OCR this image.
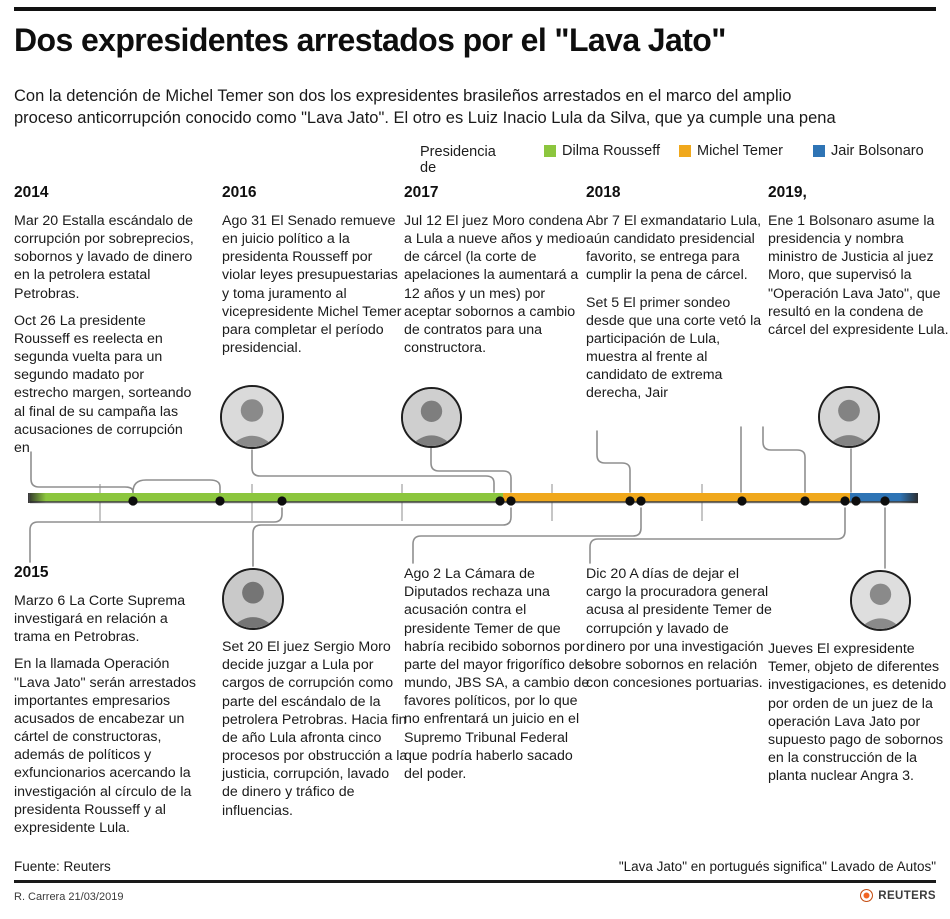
Dos expresidentes arrestados por el "Lava Jato"
Con la detención de Michel Temer son dos los expresidentes brasileños arrestados en el marco del amplio
proceso anticorrupción conocido como "Lava Jato". El otro es Luiz Inacio Lula da Silva, que ya cumple una pena
Presidencia de
Dilma Rousseff	Michel Temer	Jair Bolsonaro
2014

Mar 20 Estalla escándalo de corrupción por sobreprecios, sobornos y lavado de dinero en la petrolera estatal Petrobras.

Oct 26 La presidente Rousseff es reelecta en segunda vuelta para un segundo madato por estrecho margen, sorteando al final de su campaña las acusaciones de corrupción en

2016

Ago 31 El Senado remueve en juicio político a la presidenta Rousseff por violar leyes presupuestarias y toma juramento al vicepresidente Michel Temer para completar el período presidencial.

2017

Jul 12 El juez Moro condena a Lula a nueve años y medio de cárcel (la corte de apelaciones la aumentará a 12 años y un mes) por aceptar sobornos a cambio de contratos para una constructora.

2018

Abr 7 El exmandatario Lula, aún candidato presidencial favorito, se entrega para cumplir la pena de cárcel.

Set 5 El primer sondeo desde que una corte vetó la participación de Lula, muestra al frente al candidato de extrema derecha, Jair

2019,

Ene 1 Bolsonaro asume la presidencia y nombra ministro de Justicia al juez Moro, que supervisó la "Operación Lava Jato", que resultó en la condena de cárcel del expresidente Lula.

2015

Marzo 6 La Corte Suprema investigará en relación a trama en Petrobras.

En la llamada Operación "Lava Jato" serán arrestados importantes empresarios acusados de encabezar un cártel de constructoras, además de políticos y exfuncionarios acercando la investigación al círculo de la presidenta Rousseff y al expresidente Lula.

Set 20 El juez Sergio Moro decide juzgar a Lula por cargos de corrupción como parte del escándalo de la petrolera Petrobras. Hacia fin de año Lula afronta cinco procesos por obstrucción a la justicia, corrupción, lavado de dinero y tráfico de influencias.

Ago 2 La Cámara de Diputados rechaza una acusación contra el presidente Temer de que habría recibido sobornos por parte del mayor frigorífico del mundo, JBS SA, a cambio de favores políticos, por lo que no enfrentará un juicio en el Supremo Tribunal Federal que podría haberlo sacado del poder.

Dic 20 A días de dejar el cargo la procuradora general acusa al presidente Temer de corrupción y lavado de dinero por una investigación sobre sobornos en relación con concesiones portuarias.

Jueves El expresidente Temer, objeto de diferentes investigaciones, es detenido por orden de un juez de la operación Lava Jato por supuesto pago de sobornos en la construcción de la planta nuclear Angra 3.

Fuente: Reuters	"Lava Jato" en portugués significa" Lavado de Autos"
R. Carrera 21/03/2019	REUTERS
